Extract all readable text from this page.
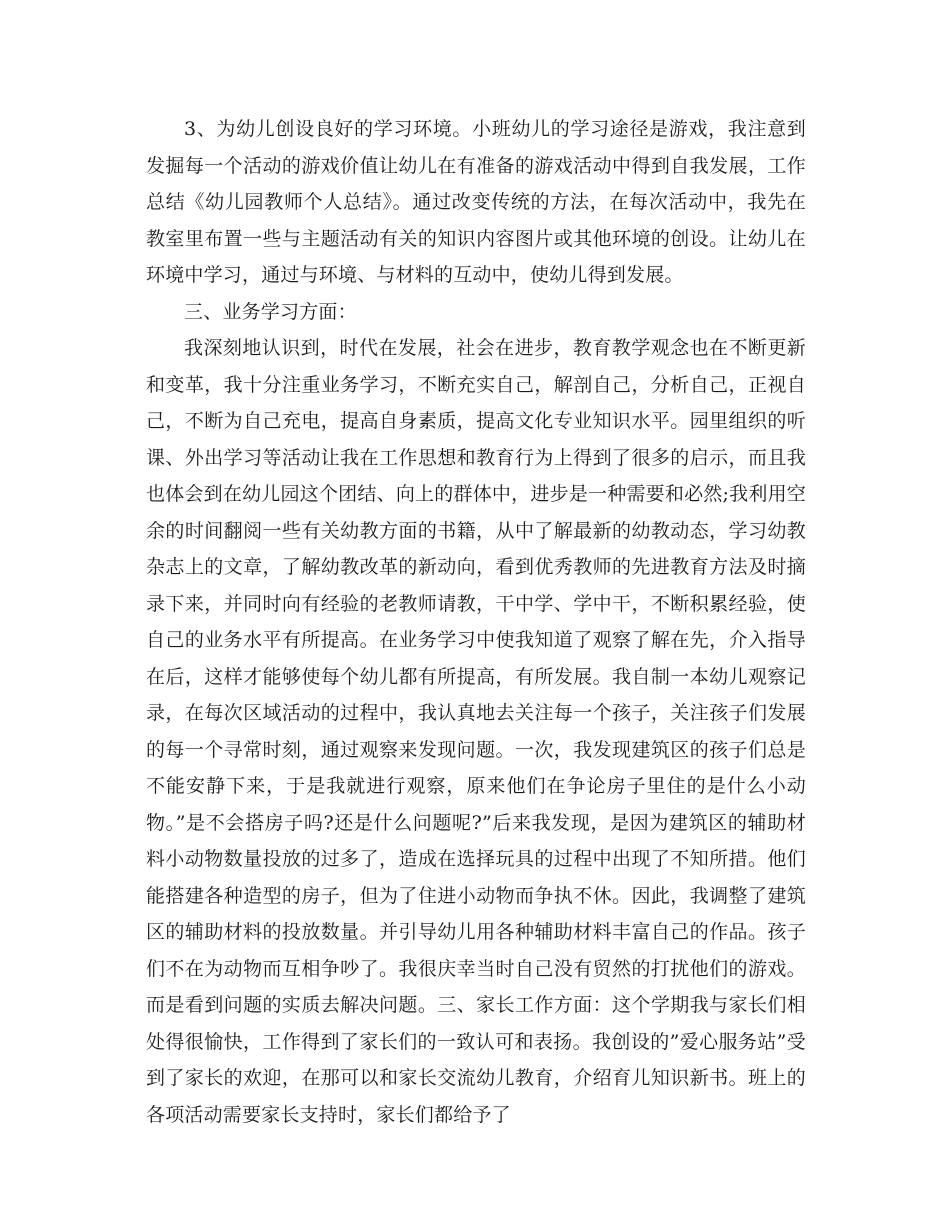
3、为幼儿创设良好的学习环境。小班幼儿的学习途径是游戏，我注意到发掘每一个活动的游戏价值让幼儿在有准备的游戏活动中得到自我发展，工作总结《幼儿园教师个人总结》。通过改变传统的方法，在每次活动中，我先在教室里布置一些与主题活动有关的知识内容图片或其他环境的创设。让幼儿在环境中学习，通过与环境、与材料的互动中，使幼儿得到发展。

三、业务学习方面：

我深刻地认识到，时代在发展，社会在进步，教育教学观念也在不断更新和变革，我十分注重业务学习，不断充实自己，解剖自己，分析自己，正视自己，不断为自己充电，提高自身素质，提高文化专业知识水平。园里组织的听课、外出学习等活动让我在工作思想和教育行为上得到了很多的启示，而且我也体会到在幼儿园这个团结、向上的群体中，进步是一种需要和必然;我利用空余的时间翻阅一些有关幼教方面的书籍，从中了解最新的幼教动态，学习幼教杂志上的文章，了解幼教改革的新动向，看到优秀教师的先进教育方法及时摘录下来，并同时向有经验的老教师请教，干中学、学中干，不断积累经验，使自己的业务水平有所提高。在业务学习中使我知道了观察了解在先，介入指导在后，这样才能够使每个幼儿都有所提高，有所发展。我自制一本幼儿观察记录，在每次区域活动的过程中，我认真地去关注每一个孩子，关注孩子们发展的每一个寻常时刻，通过观察来发现问题。一次，我发现建筑区的孩子们总是不能安静下来，于是我就进行观察，原来他们在争论房子里住的是什么小动物。”是不会搭房子吗?还是什么问题呢?”后来我发现，是因为建筑区的辅助材料小动物数量投放的过多了，造成在选择玩具的过程中出现了不知所措。他们能搭建各种造型的房子，但为了住进小动物而争执不休。因此，我调整了建筑区的辅助材料的投放数量。并引导幼儿用各种辅助材料丰富自己的作品。孩子们不在为动物而互相争吵了。我很庆幸当时自己没有贸然的打扰他们的游戏。而是看到问题的实质去解决问题。三、家长工作方面：这个学期我与家长们相处得很愉快，工作得到了家长们的一致认可和表扬。我创设的”爱心服务站”受到了家长的欢迎，在那可以和家长交流幼儿教育，介绍育儿知识新书。班上的各项活动需要家长支持时，家长们都给予了
